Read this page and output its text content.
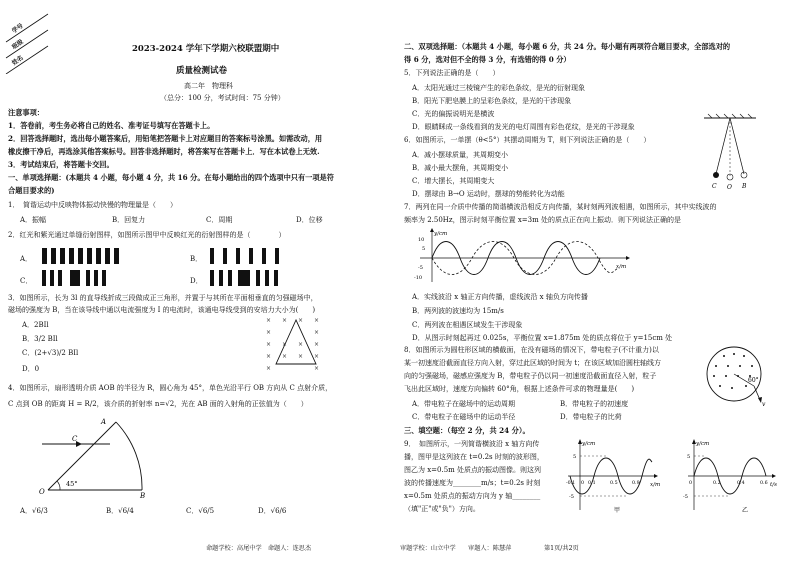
学号
班级
姓名
2023-2024 学年下学期六校联盟期中
质量检测试卷
高二年　物理科
（总分：100 分，考试时间：75 分钟）
注意事项：
1．答卷前，考生务必将自己的姓名、准考证号填写在答题卡上。
2．回答选择题时，选出每小题答案后，用铅笔把答题卡上对应题目的答案标号涂黑。如需改动，用
橡皮擦干净后，再选涂其他答案标号。回答非选择题时，将答案写在答题卡上．写在本试卷上无效.
3．考试结束后，将答题卡交回。
一、单项选择题：(本题共 4 小题，每小题 4 分，共 16 分。在每小题给出的四个选项中只有一项是符
合题目要求的)
1．　简谐运动中反映物体振动快慢的物理量是（　　）
A．振幅	B．回复力	C．周期	D．位移
2．红光和紫光通过单缝衍射图样，如图所示图甲中反映红光的衍射图样的是（　　　　）
A．	B．
C．	D．
3．如图所示，长为 3l 的直导线折成三段做成正三角形，并置于与其所在平面相垂直的匀强磁场中，
磁场的强度为 B，当在该导线中通以电流强度为 I 的电流时，该通电导线受到的安培力大小为(　　)
A．2BIl
B．3/2 BIl
C．(2+√3)/2 BIl
D．0
× × × ×
×	×
× × × ×
× × × ×
×	×
4．如图所示，扇形透明介质 AOB 的半径为 R，圆心角为 45°，单色光沿平行 OB 方向从 C 点射介质，
C 点到 OB 的距离 H = R/2，该介质的折射率 n=√2，光在 AB 面的入射角的正弦值为（　　）
A
B
C
O
45°
A．√6/3	B．√6/4	C．√6/5	D．√6/6
二、双项选择题：（本题共 4 小题，每小题 6 分，共 24 分。每小题有两项符合题目要求，全部选对的
得 6 分，选对但不全的得 3 分，有选错的得 0 分）
5．下列说法正确的是（　　）
A．太阳光通过三棱镜产生的彩色条纹，是光的衍射现象
B．阳光下肥皂膜上的呈彩色条纹，是光的干涉现象
C．光的偏振说明光是横波
D．眼睛眯成一条线看到的发光的电灯周围有彩色花纹，是光的干涉现象
6．如图所示，一单摆（θ<5°）其摆动周期为 T，则下列说法正确的是（　　）
A．减小摆球质量，其周期变小
B．减小最大摆角，其周期变小
C．增大摆长，其周期变大
D．摆球由 B→O 运动时，摆球的势能转化为动能
C O B
7．两列在同一介质中传播的简谐横波沿相反方向传播，某时刻两列波相遇，如图所示，其中实线波的
频率为 2.50Hz，图示时刻平衡位置 x=3m 处的质点正在向上振动．则下列说法正确的是
y/cm
x/m
10
5
-5
-10
A．实线波沿 x 轴正方向传播，虚线波沿 x 轴负方向传播
B．两列波的波速均为 15m/s
C．两列波在相遇区域发生干涉现象
D．从图示时刻起再过 0.025s，平衡位置 x=1.875m 处的质点将位于 y=15cm 处
8．如图所示为圆柱形区域的横截面，在没有磁场的情况下，带电粒子(不计重力)以
某一初速度沿截面直径方向入射，穿过此区域的时间为 t；在该区域加沿圆柱轴线方
向的匀强磁场，磁感应强度为 B，带电粒子仍以同一初速度沿截面直径入射，粒子
飞出此区域时，速度方向偏转 60°角，根据上述条件可求的物理量是(　　)
60°
v
A．带电粒子在磁场中的运动周期	B．带电粒子的初速度
C．带电粒子在磁场中的运动半径	D．带电粒子的比荷
三、填空题：（每空 2 分，共 24 分）。
9．　如图所示，一列简谐横波沿 x 轴方向传
播，图甲是这列波在 t=0.2s 时刻的波形图，
图乙为 x=0.5m 处质点的振动图像。则这列
波的传播速度为________m/s；t=0.2s 时刻
x=0.5m 处质点的振动方向为 y 轴________
（填"正"或"负"）方向。
y/cm
x/m
5
-5
-0.1 0 0.1	0.5	0.9
甲
y/cm
t/s
5
-5
0	0.2	0.4	0.6
乙
命题学校：高尾中学　命题人：连思杰	审题学校：山立中学　　审题人：陈慧萍	第1页/共2页
